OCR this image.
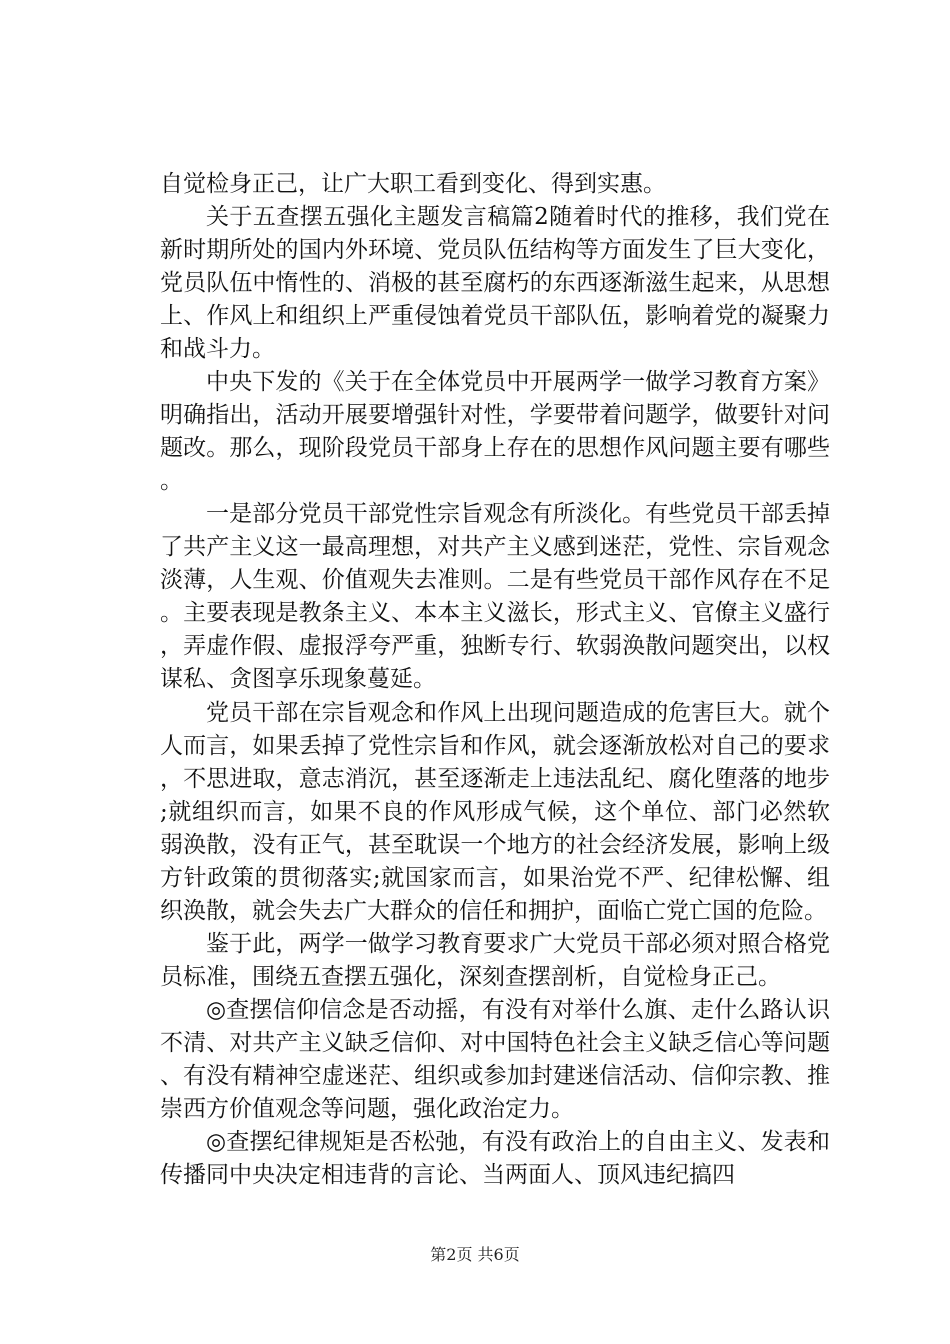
自觉检身正己，让广大职工看到变化、得到实惠。

关于五查摆五强化主题发言稿篇2随着时代的推移，我们党在新时期所处的国内外环境、党员队伍结构等方面发生了巨大变化，党员队伍中惰性的、消极的甚至腐朽的东西逐渐滋生起来，从思想上、作风上和组织上严重侵蚀着党员干部队伍，影响着党的凝聚力和战斗力。

中央下发的《关于在全体党员中开展两学一做学习教育方案》明确指出，活动开展要增强针对性，学要带着问题学，做要针对问题改。那么，现阶段党员干部身上存在的思想作风问题主要有哪些。

一是部分党员干部党性宗旨观念有所淡化。有些党员干部丢掉了共产主义这一最高理想，对共产主义感到迷茫，党性、宗旨观念淡薄，人生观、价值观失去准则。二是有些党员干部作风存在不足。主要表现是教条主义、本本主义滋长，形式主义、官僚主义盛行，弄虚作假、虚报浮夸严重，独断专行、软弱涣散问题突出，以权谋私、贪图享乐现象蔓延。

党员干部在宗旨观念和作风上出现问题造成的危害巨大。就个人而言，如果丢掉了党性宗旨和作风，就会逐渐放松对自己的要求，不思进取，意志消沉，甚至逐渐走上违法乱纪、腐化堕落的地步;就组织而言，如果不良的作风形成气候，这个单位、部门必然软弱涣散，没有正气，甚至耽误一个地方的社会经济发展，影响上级方针政策的贯彻落实;就国家而言，如果治党不严、纪律松懈、组织涣散，就会失去广大群众的信任和拥护，面临亡党亡国的危险。

鉴于此，两学一做学习教育要求广大党员干部必须对照合格党员标准，围绕五查摆五强化，深刻查摆剖析，自觉检身正己。

◎查摆信仰信念是否动摇，有没有对举什么旗、走什么路认识不清、对共产主义缺乏信仰、对中国特色社会主义缺乏信心等问题、有没有精神空虚迷茫、组织或参加封建迷信活动、信仰宗教、推崇西方价值观念等问题，强化政治定力。

◎查摆纪律规矩是否松弛，有没有政治上的自由主义、发表和传播同中央决定相违背的言论、当两面人、顶风违纪搞四

第2页 共6页
